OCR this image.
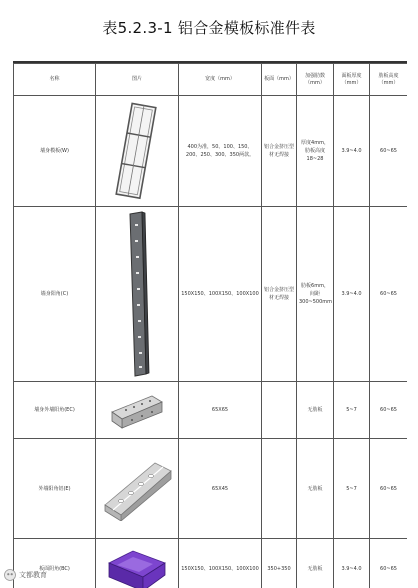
表5.2.3-1 铝合金模板标准件表
名称	图片	宽度（mm）	板面（mm）	加强肋数（mm）	面板厚度（mm）	肋板高度（mm）
墙身模板(W)		400为准，50、100、150、200、250、300、350两款。	铝合金挤压型材无焊接	厚度4mm，肋板高度18~28	3.9~4.0	60~65
墙身阳角(C)		150X150、100X150、100X100	铝合金挤压型材无焊接	肋板6mm，间距300~500mm	3.9~4.0	60~65
墙身外墙阳角(EC)		65X65		无肋板	5~7	60~65
外墙阳角铝(E)		65X45		无肋板	5~7	60~65
板面阴角(BC)		150X150、100X150、100X100	350+350	无肋板	3.9~4.0	60~65
文都教育
